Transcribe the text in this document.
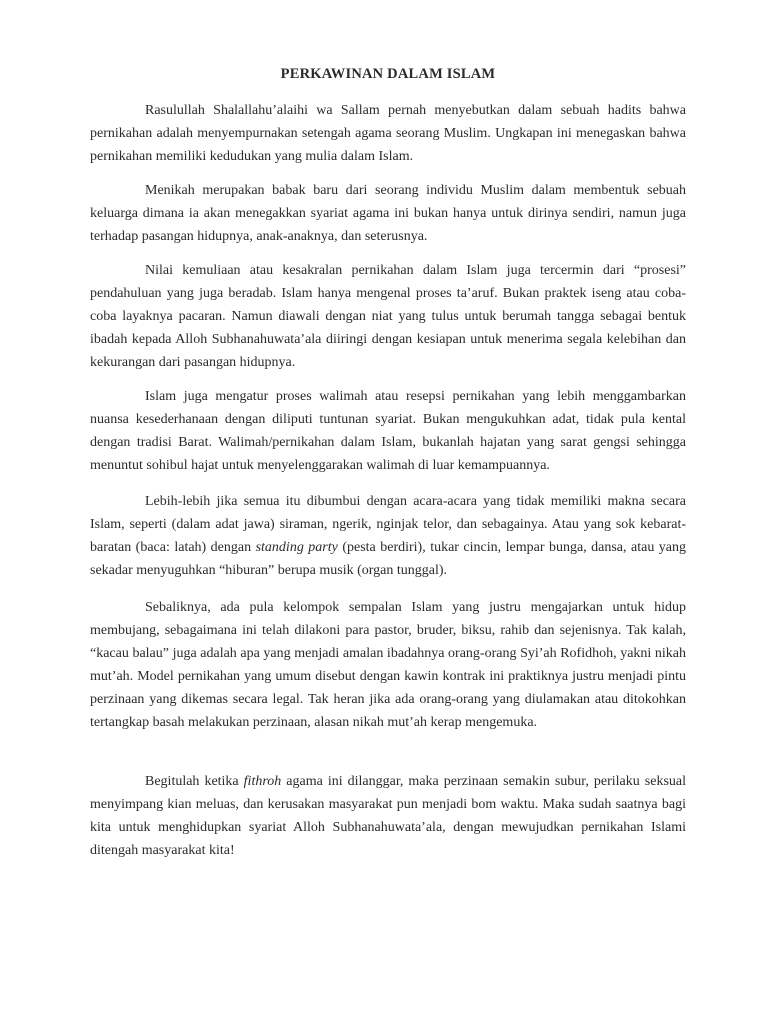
PERKAWINAN DALAM ISLAM

Rasulullah Shalallahu’alaihi wa Sallam pernah menyebutkan dalam sebuah hadits bahwa pernikahan adalah menyempurnakan setengah agama seorang Muslim. Ungkapan ini menegaskan bahwa pernikahan memiliki kedudukan yang mulia dalam Islam.

Menikah merupakan babak baru dari seorang individu Muslim dalam membentuk sebuah keluarga dimana ia akan menegakkan syariat agama ini bukan hanya untuk dirinya sendiri, namun juga terhadap pasangan hidupnya, anak-anaknya, dan seterusnya.

Nilai kemuliaan atau kesakralan pernikahan dalam Islam juga tercermin dari “prosesi” pendahuluan yang juga beradab. Islam hanya mengenal proses ta’aruf. Bukan praktek iseng atau coba-coba layaknya pacaran. Namun diawali dengan niat yang tulus untuk berumah tangga sebagai bentuk ibadah kepada Alloh Subhanahuwata’ala diiringi dengan kesiapan untuk menerima segala kelebihan dan kekurangan dari pasangan hidupnya.

Islam juga mengatur proses walimah atau resepsi pernikahan yang lebih menggambarkan nuansa kesederhanaan dengan diliputi tuntunan syariat. Bukan mengukuhkan adat, tidak pula kental dengan tradisi Barat. Walimah/pernikahan dalam Islam, bukanlah hajatan yang sarat gengsi sehingga menuntut sohibul hajat untuk menyelenggarakan walimah di luar kemampuannya.

Lebih-lebih jika semua itu dibumbui dengan acara-acara yang tidak memiliki makna secara Islam, seperti (dalam adat jawa) siraman, ngerik, nginjak telor, dan sebagainya. Atau yang sok kebarat-baratan (baca: latah) dengan standing party (pesta berdiri), tukar cincin, lempar bunga, dansa, atau yang sekadar menyuguhkan “hiburan” berupa musik (organ tunggal).

Sebaliknya, ada pula kelompok sempalan Islam yang justru mengajarkan untuk hidup membujang, sebagaimana ini telah dilakoni para pastor, bruder, biksu, rahib dan sejenisnya. Tak kalah, “kacau balau” juga adalah apa yang menjadi amalan ibadahnya orang-orang Syi’ah Rofidhoh, yakni nikah mut’ah. Model pernikahan yang umum disebut dengan kawin kontrak ini praktiknya justru menjadi pintu perzinaan yang dikemas secara legal. Tak heran jika ada orang-orang yang diulamakan atau ditokohkan tertangkap basah melakukan perzinaan, alasan nikah mut’ah kerap mengemuka.

Begitulah ketika fithroh agama ini dilanggar, maka perzinaan semakin subur, perilaku seksual menyimpang kian meluas, dan kerusakan masyarakat pun menjadi bom waktu. Maka sudah saatnya bagi kita untuk menghidupkan syariat Alloh Subhanahuwata’ala, dengan mewujudkan pernikahan Islami ditengah masyarakat kita!
